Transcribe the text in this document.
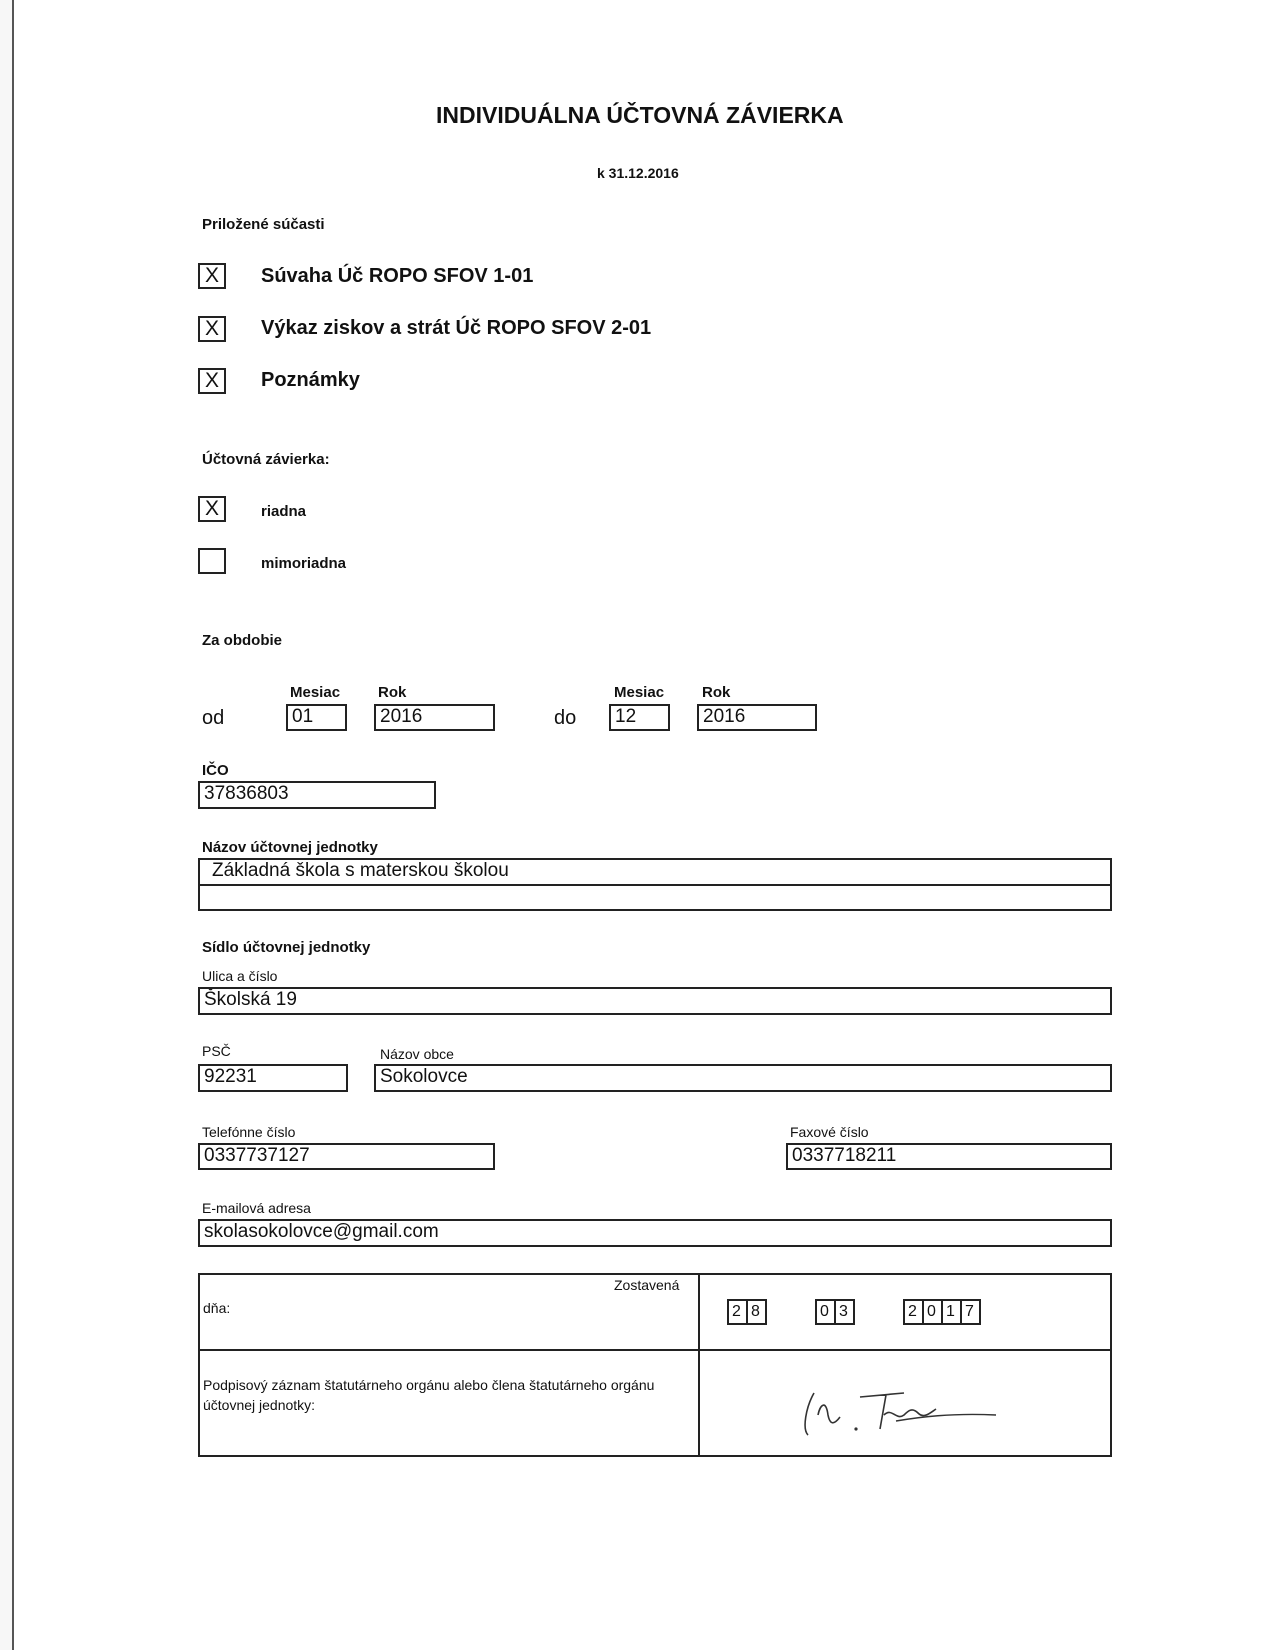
INDIVIDUÁLNA ÚČTOVNÁ ZÁVIERKA
k 31.12.2016
Priložené súčasti
X	Súvaha Úč ROPO SFOV 1-01
X	Výkaz ziskov a strát Úč ROPO SFOV 2-01
X	Poznámky
Účtovná závierka:
X	riadna
mimoriadna
Za obdobie
Mesiac	Rok	Mesiac	Rok
od	01	2016	do	12	2016
IČO
37836803
Názov účtovnej jednotky
Základná škola s materskou školou
Sídlo účtovnej jednotky
Ulica a číslo
Školská 19
PSČ	Názov obce
92231	Sokolovce
Telefónne číslo	Faxové číslo
0337737127	0337718211
E-mailová adresa
skolasokolovce@gmail.com
Zostavená
dňa:	2 8	0 3	2 0 1 7
Podpisový záznam štatutárneho orgánu alebo člena štatutárneho orgánu účtovnej jednotky:
